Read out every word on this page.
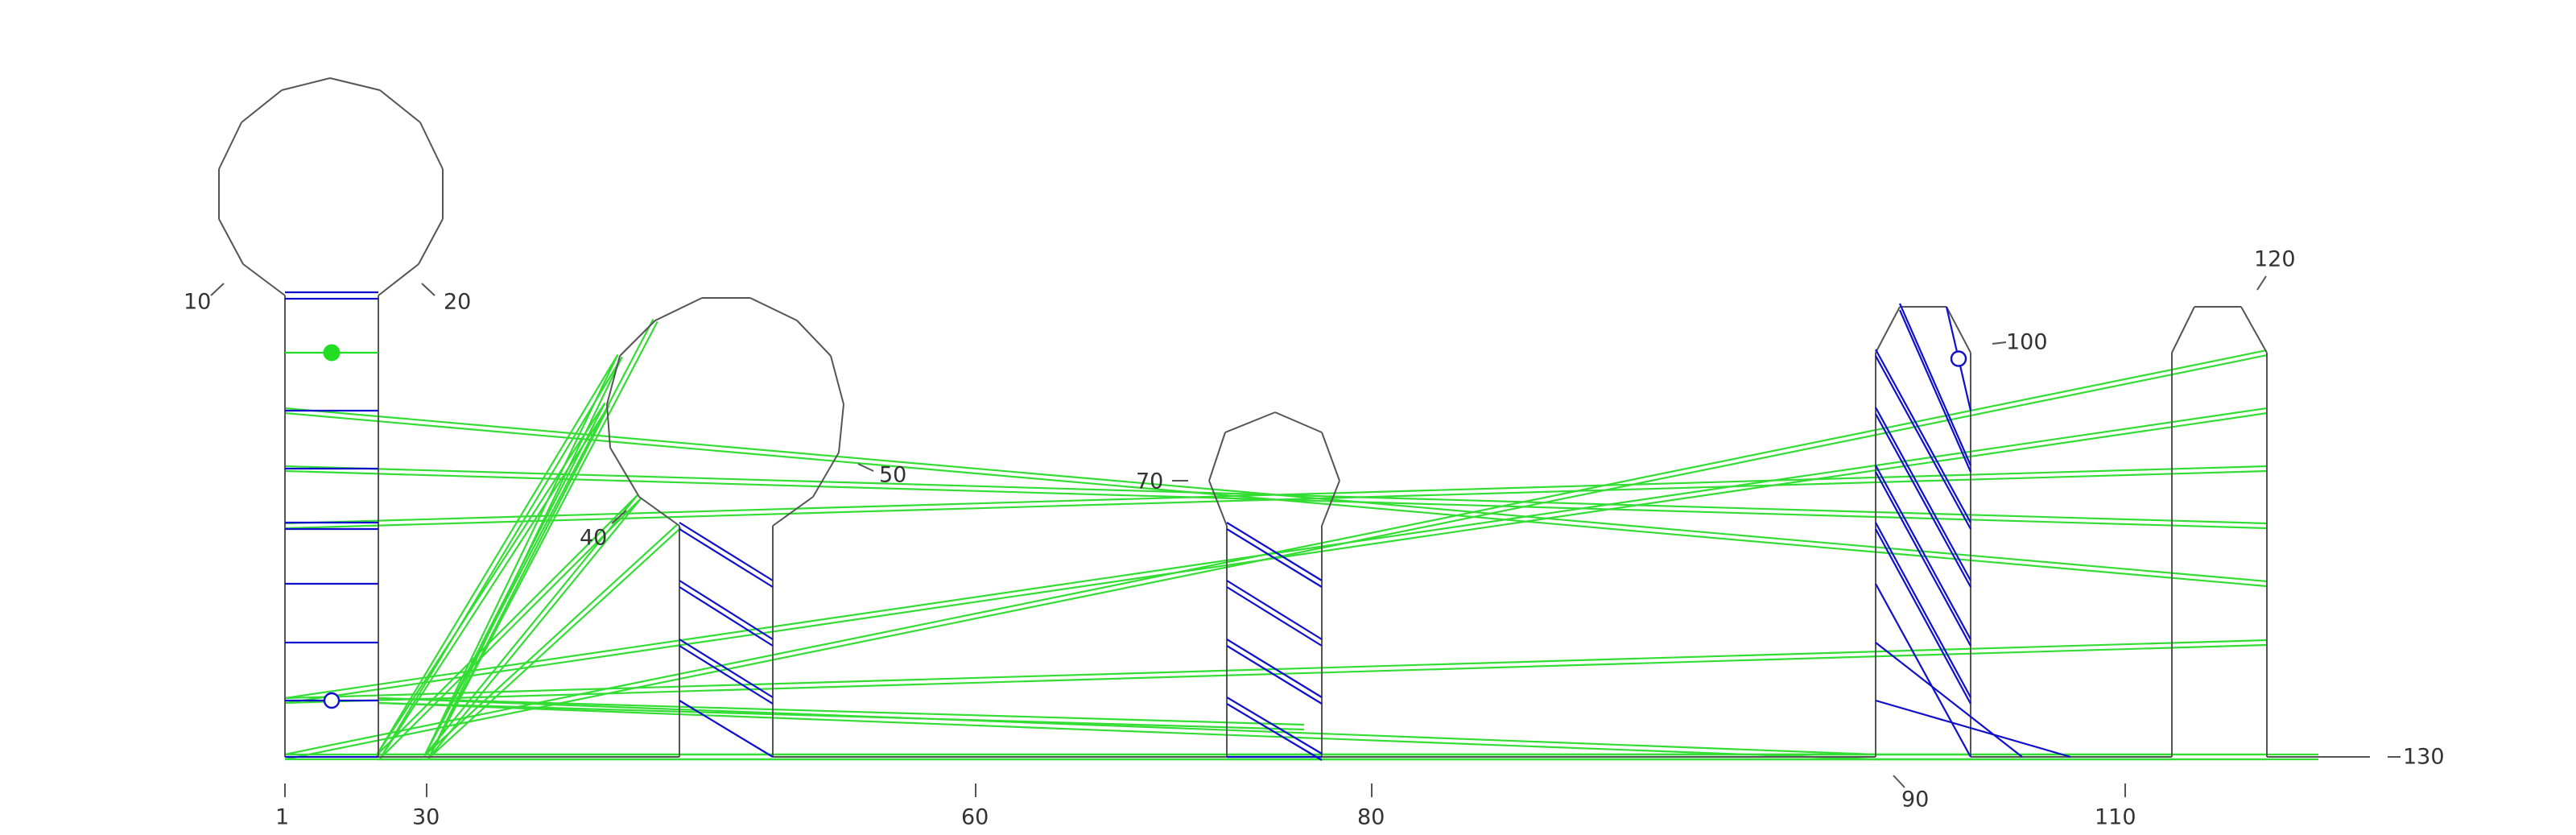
1
10	20
30
40
50
60
70
80
90
100
110
120
130
